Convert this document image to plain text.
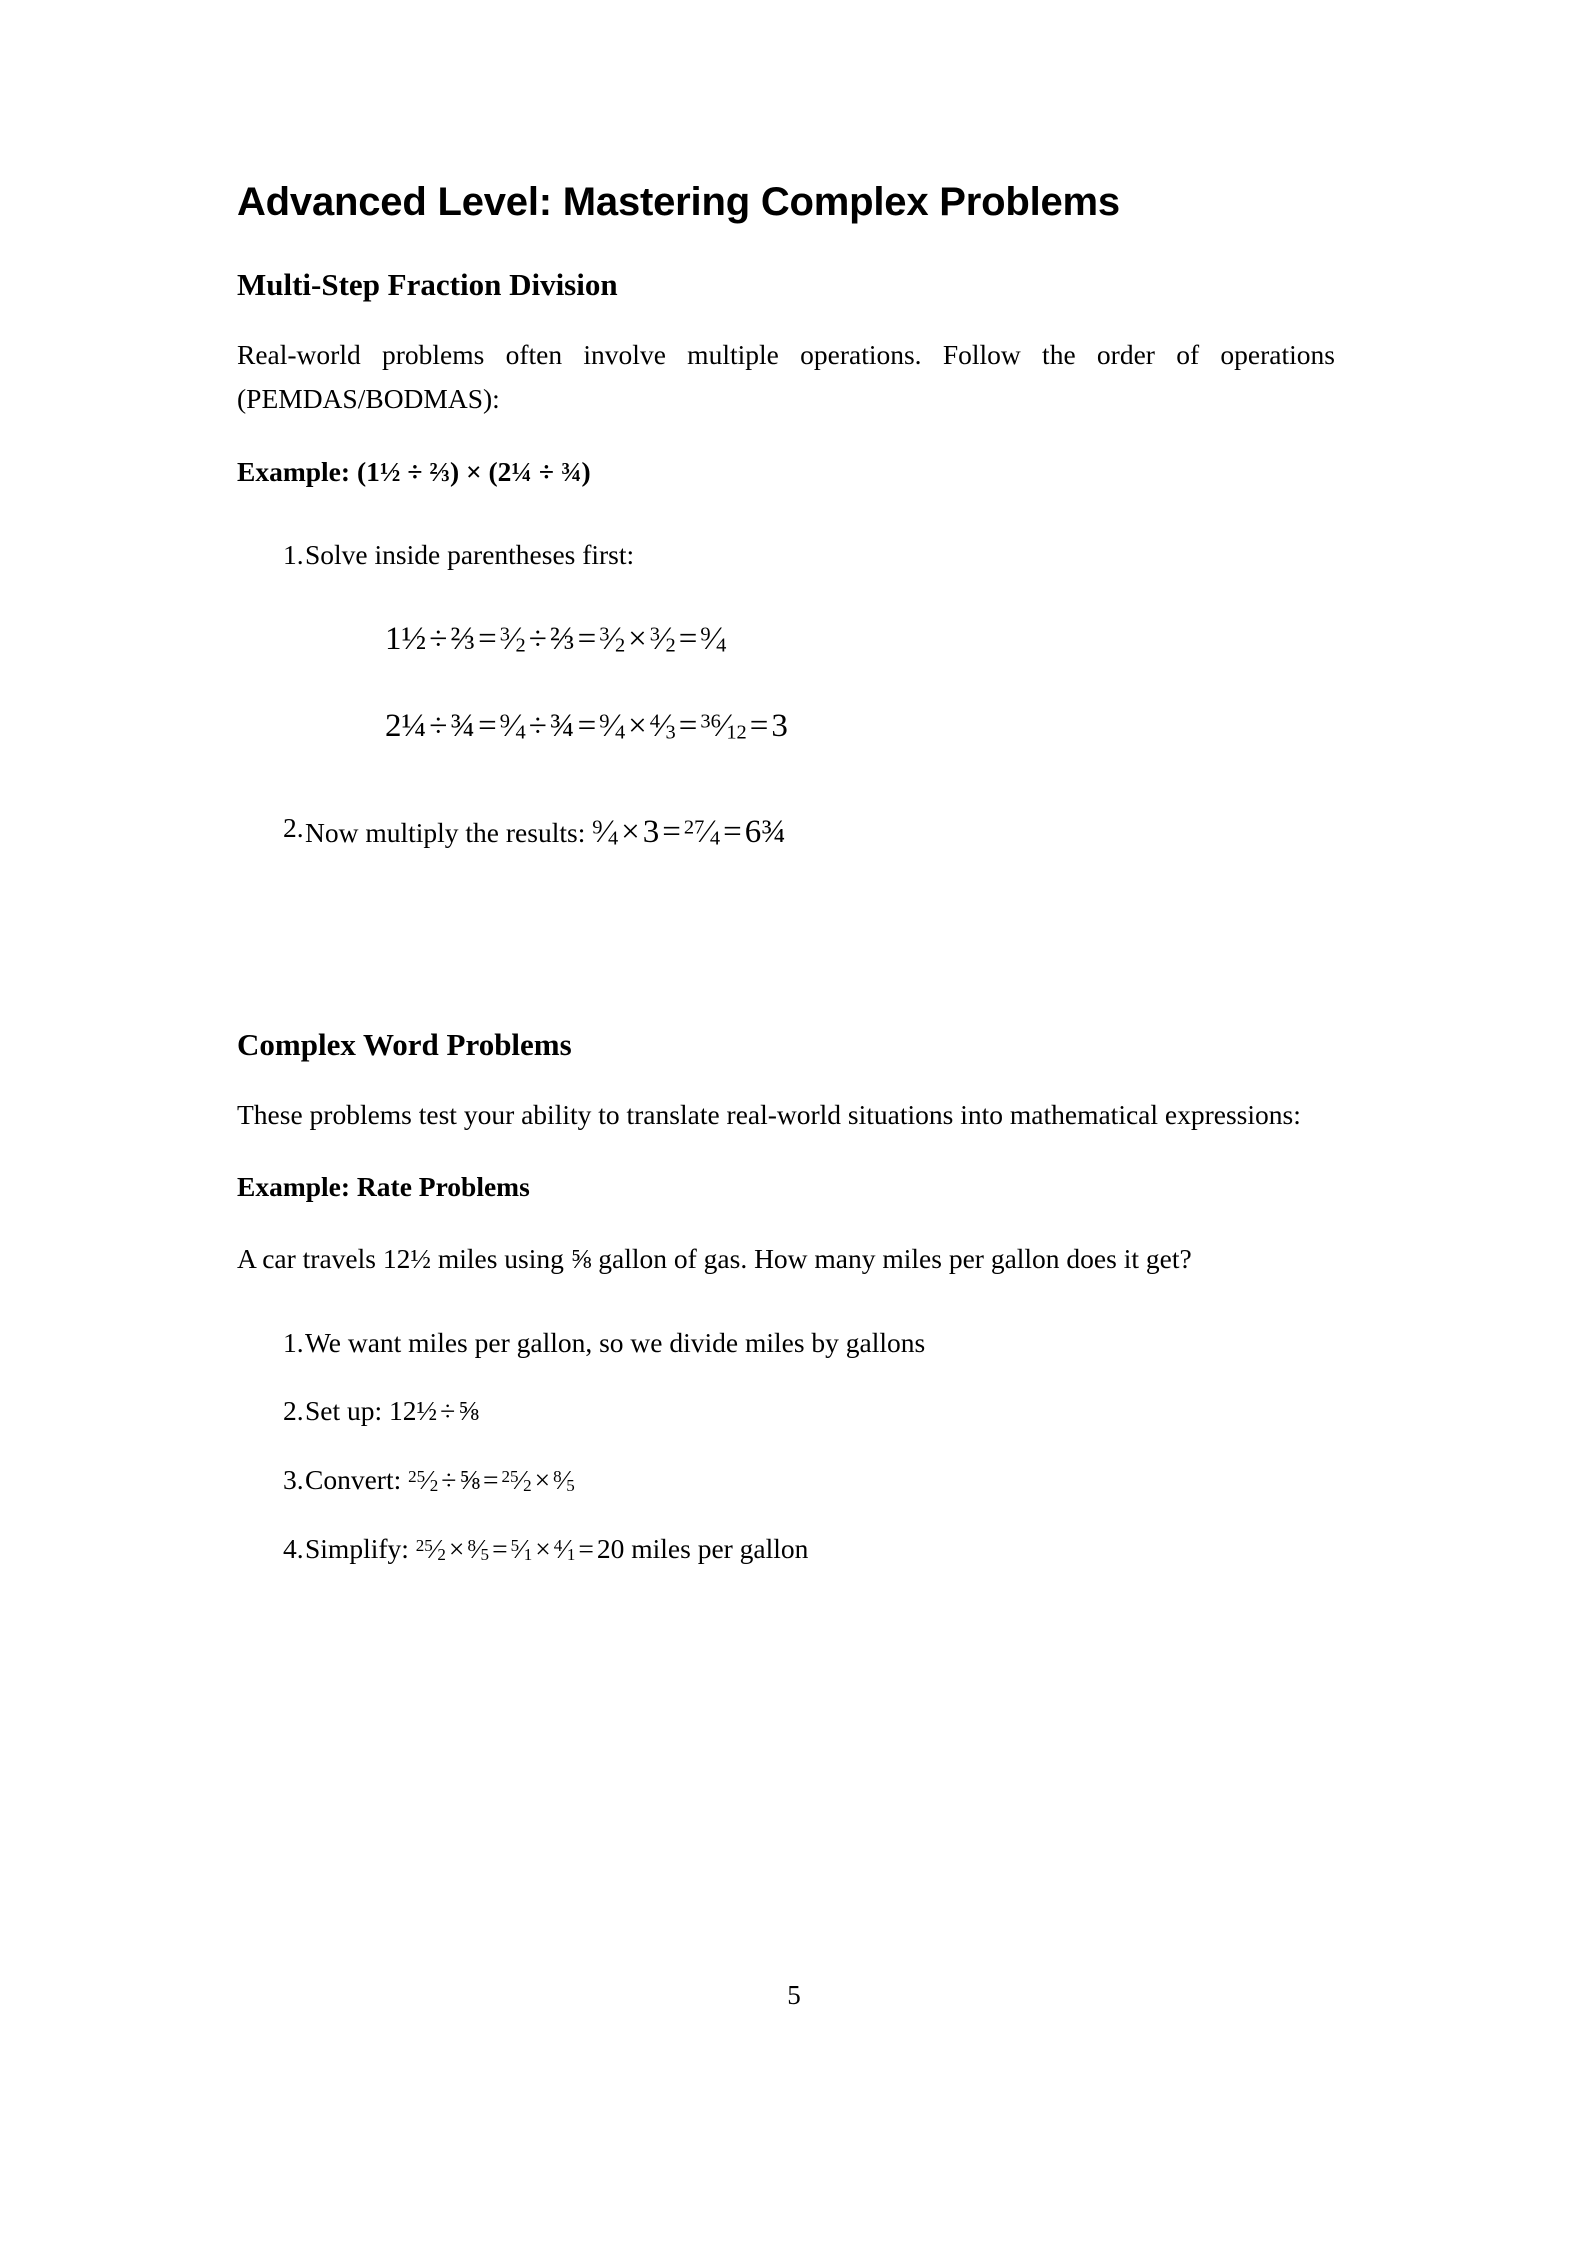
Advanced Level: Mastering Complex Problems
Multi-Step Fraction Division

Real-world problems often involve multiple operations. Follow the order of operations (PEMDAS/BODMAS):

Example: (1½ ÷ ⅔) × (2¼ ÷ ¾)

1. Solve inside parentheses first:

1½÷⅔= $^3$⁄2÷⅔= $^3$⁄2× $^3$⁄2= $^9$⁄4

2¼÷¾= $^9$⁄4÷¾= $^9$⁄4× $^4$⁄3= $^{36}$⁄12=3

2. Now multiply the results: $^9$⁄4×3= $^{27}$⁄4=6¾
Complex Word Problems

These problems test your ability to translate real-world situations into mathematical expressions:

Example: Rate Problems

A car travels 12½ miles using ⅝ gallon of gas. How many miles per gallon does it get?

1. We want miles per gallon, so we divide miles by gallons
2. Set up: 12½ ÷ ⅝
3. Convert: $^{25}$⁄2 ÷ ⅝ = $^{25}$⁄2 × $^8$⁄5
4. Simplify: $^{25}$⁄2 × $^8$⁄5 = $^5$⁄1 × $^4$⁄1 = 20 miles per gallon
5
